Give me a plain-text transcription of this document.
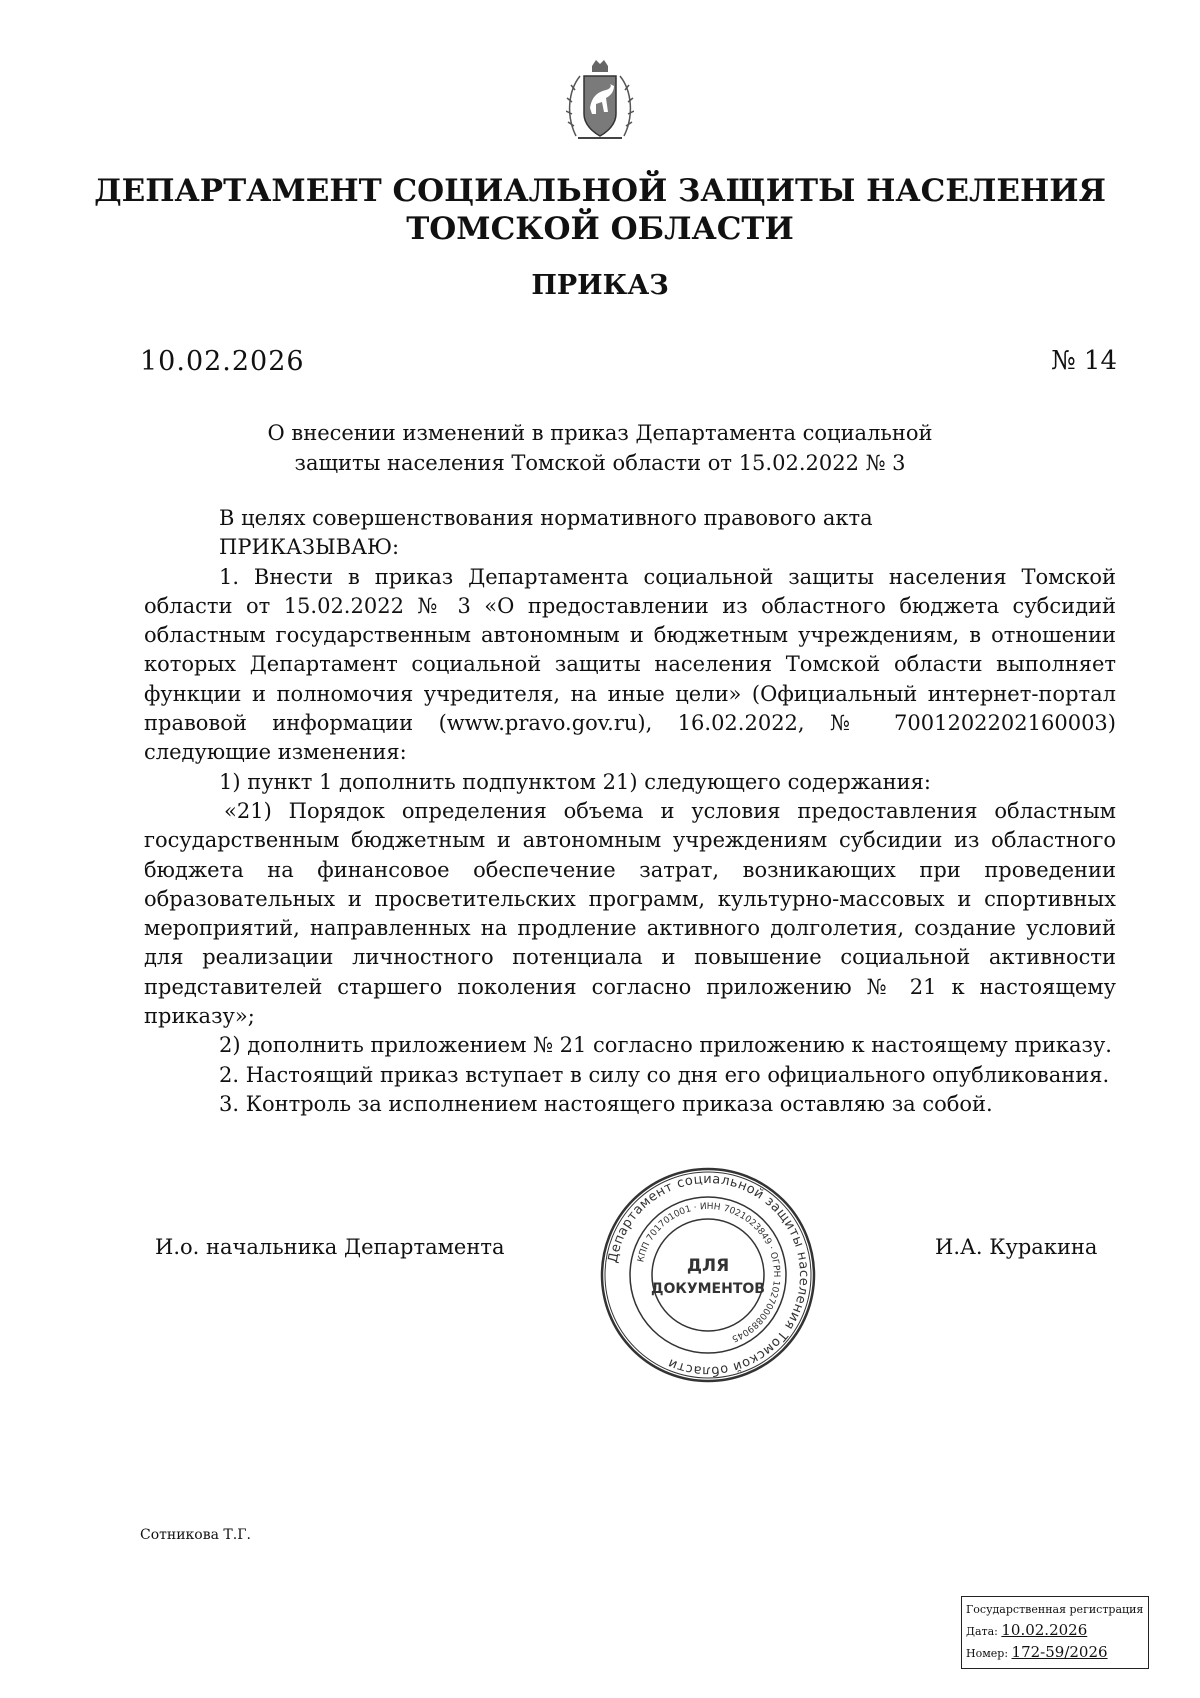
ДЕПАРТАМЕНТ СОЦИАЛЬНОЙ ЗАЩИТЫ НАСЕЛЕНИЯ
ТОМСКОЙ ОБЛАСТИ
ПРИКАЗ
10.02.2026	№ 14
О внесении изменений в приказ Департамента социальной
защиты населения Томской области от 15.02.2022 № 3

В целях совершенствования нормативного правового акта

ПРИКАЗЫВАЮ:

1. Внести в приказ Департамента социальной защиты населения Томской области от 15.02.2022 № 3 «О предоставлении из областного бюджета субсидий областным государственным автономным и бюджетным учреждениям, в отношении которых Департамент социальной защиты населения Томской области выполняет функции и полномочия учредителя, на иные цели» (Официальный интернет-портал правовой информации (www.pravo.gov.ru), 16.02.2022, № 7001202202160003) следующие изменения:

1) пункт 1 дополнить подпунктом 21) следующего содержания:

«21) Порядок определения объема и условия предоставления областным государственным бюджетным и автономным учреждениям субсидии из областного бюджета на финансовое обеспечение затрат, возникающих при проведении образовательных и просветительских программ, культурно-массовых и спортивных мероприятий, направленных на продление активного долголетия, создание условий для реализации личностного потенциала и повышение социальной активности представителей старшего поколения согласно приложению № 21 к настоящему приказу»;

2) дополнить приложением № 21 согласно приложению к настоящему приказу.

2. Настоящий приказ вступает в силу со дня его официального опубликования.

3. Контроль за исполнением настоящего приказа оставляю за собой.

И.о. начальника Департамента	И.А. Куракина
Департамент социальной защиты населения Томской области
КПП 701701001 · ИНН 7021023849 · ОГРН 1027000889045
ДЛЯ
ДОКУМЕНТОВ
Сотникова Т.Г.
Государственная регистрация
Дата: 10.02.2026
Номер: 172-59/2026
